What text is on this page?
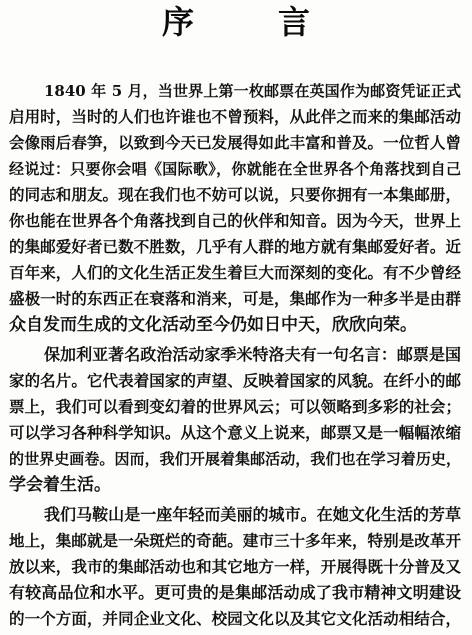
序　言
1840 年 5 月，当世界上第一枚邮票在英国作为邮资凭证正式
启用时，当时的人们也许谁也不曾预料，从此伴之而来的集邮活动
会像雨后春笋，以致到今天已发展得如此丰富和普及。一位哲人曾
经说过：只要你会唱《国际歌》，你就能在全世界各个角落找到自己
的同志和朋友。现在我们也不妨可以说，只要你拥有一本集邮册，
你也能在世界各个角落找到自己的伙伴和知音。因为今天，世界上
的集邮爱好者已数不胜数，几乎有人群的地方就有集邮爱好者。近
百年来，人们的文化生活正发生着巨大而深刻的变化。有不少曾经
盛极一时的东西正在衰落和消来，可是，集邮作为一种多半是由群
众自发而生成的文化活动至今仍如日中天，欣欣向荣。
保加利亚著名政治活动家季米特洛夫有一句名言：邮票是国
家的名片。它代表着国家的声望、反映着国家的风貌。在纤小的邮
票上，我们可以看到变幻着的世界风云；可以领略到多彩的社会；
可以学习各种科学知识。从这个意义上说来，邮票又是一幅幅浓缩
的世界史画卷。因而，我们开展着集邮活动，我们也在学习着历史，
学会着生活。
我们马鞍山是一座年轻而美丽的城市。在她文化生活的芳草
地上，集邮就是一朵斑烂的奇葩。建市三十多年来，特别是改革开
放以来，我市的集邮活动也和其它地方一样，开展得既十分普及又
有较高品位和水平。更可贵的是集邮活动成了我市精神文明建设
的一个方面，并同企业文化、校园文化以及其它文化活动相结合，
